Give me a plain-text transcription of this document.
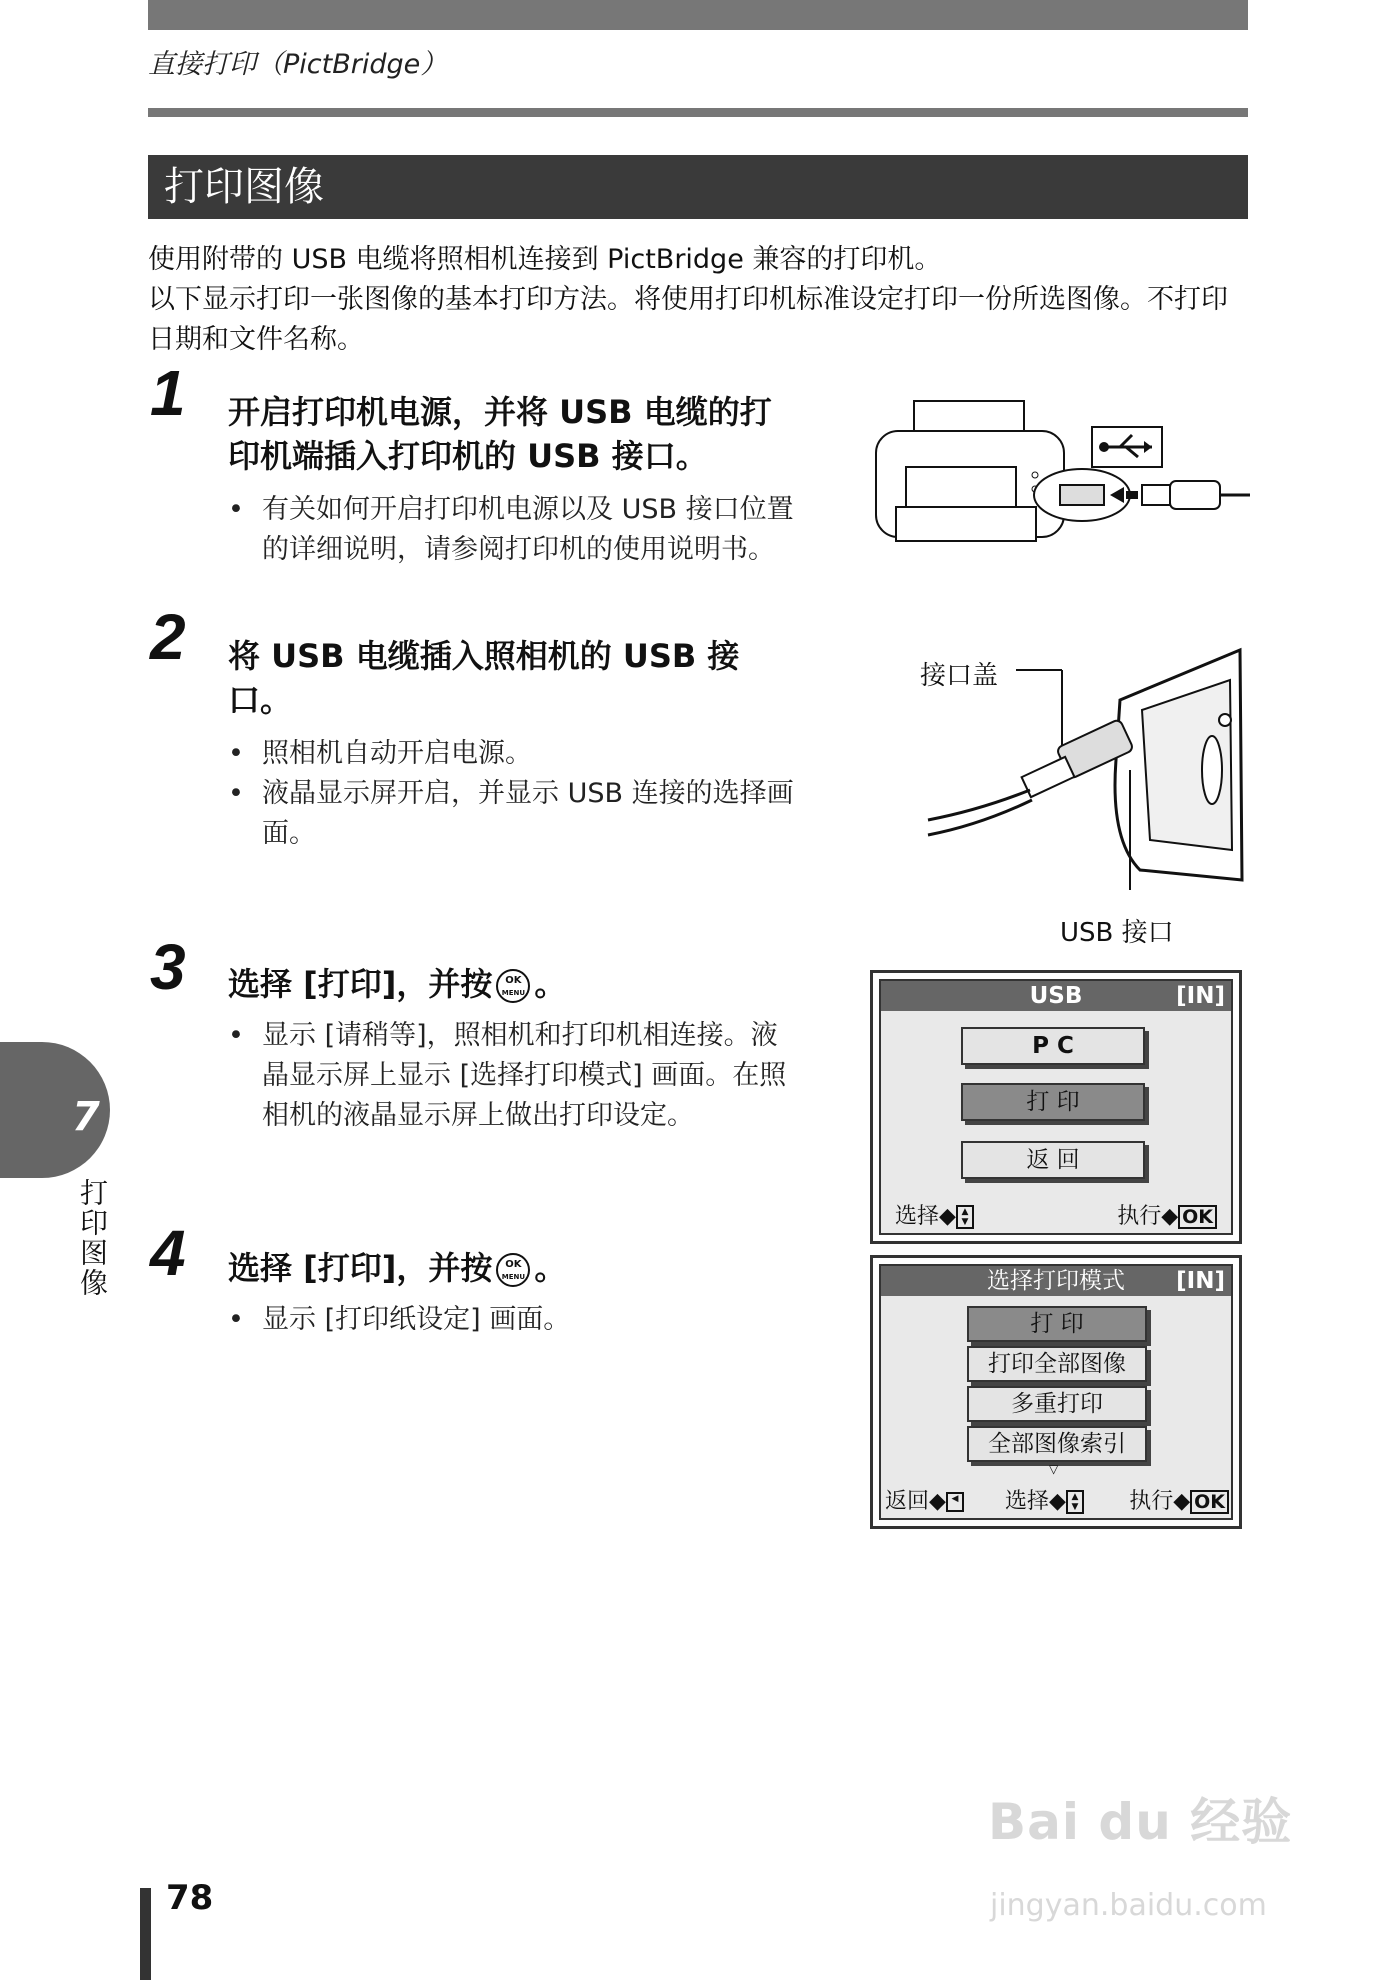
直接打印（PictBridge）
打印图像
使用附带的 USB 电缆将照相机连接到 PictBridge 兼容的打印机。
以下显示打印一张图像的基本打印方法。将使用打印机标准设定打印一份所选图像。不打印日期和文件名称。
1 开启打印机电源，并将 USB 电缆的打印机端插入打印机的 USB 接口。
• 有关如何开启打印机电源以及 USB 接口位置的详细说明，请参阅打印机的使用说明书。
2 将 USB 电缆插入照相机的 USB 接口。
• 照相机自动开启电源。
• 液晶显示屏开启，并显示 USB 连接的选择画面。
接口盖
USB 接口
3 选择 [打印]，并按 OK
MENU 。
• 显示 [请稍等]，照相机和打印机相连接。液晶显示屏上显示 [选择打印模式] 画面。在照相机的液晶显示屏上做出打印设定。
4 选择 [打印]，并按 OK
MENU 。
• 显示 [打印纸设定] 画面。
USB	[IN]
P C
打 印
返 回
选择◆ ▲
▼	执行◆ OK
选择打印模式	[IN]
打 印
打印全部图像
多重打印
全部图像索引
▽
返回◆ ◀ 选择◆ ▲
▼ 执行◆ OK
7
打印图像
78
Bai du 经验
jingyan.baidu.com
